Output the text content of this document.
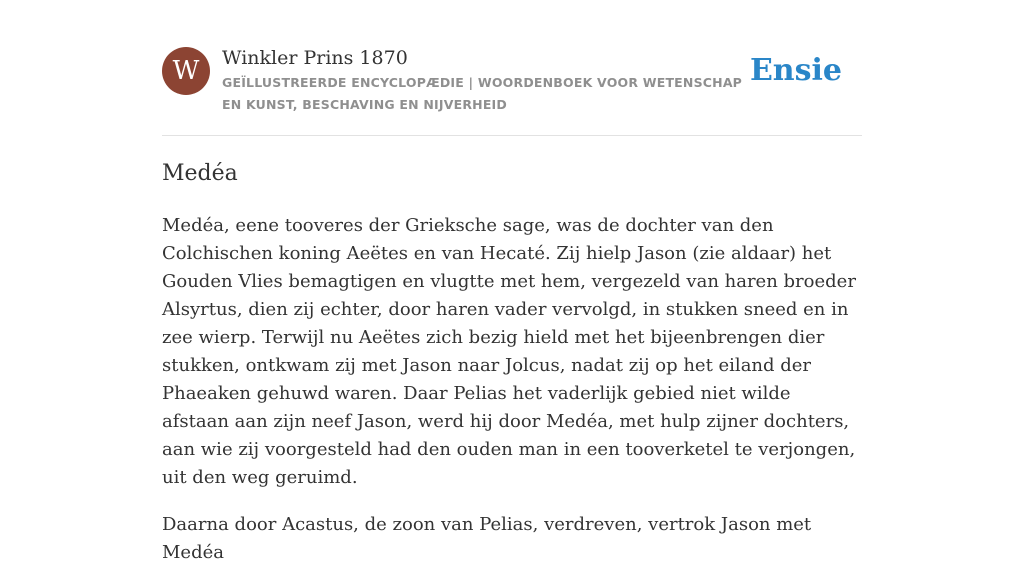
W	Winkler Prins 1870
GEÏLLUSTREERDE ENCYCLOPÆDIE | WOORDENBOEK VOOR WETENSCHAP EN KUNST, BESCHAVING EN NIJVERHEID
Ensie
Medéa

Medéa, eene tooveres der Grieksche sage, was de dochter van den Colchischen koning Aeëtes en van Hecaté. Zij hielp Jason (zie aldaar) het Gouden Vlies bemagtigen en vlugtte met hem, vergezeld van haren broeder Alsyrtus, dien zij echter, door haren vader vervolgd, in stukken sneed en in zee wierp. Terwijl nu Aeëtes zich bezig hield met het bijeenbrengen dier stukken, ontkwam zij met Jason naar Jolcus, nadat zij op het eiland der Phaeaken gehuwd waren. Daar Pelias het vaderlijk gebied niet wilde afstaan aan zijn neef Jason, werd hij door Medéa, met hulp zijner dochters, aan wie zij voorgesteld had den ouden man in een tooverketel te verjongen, uit den weg geruimd.

Daarna door Acastus, de zoon van Pelias, verdreven, vertrok Jason met Medéa
